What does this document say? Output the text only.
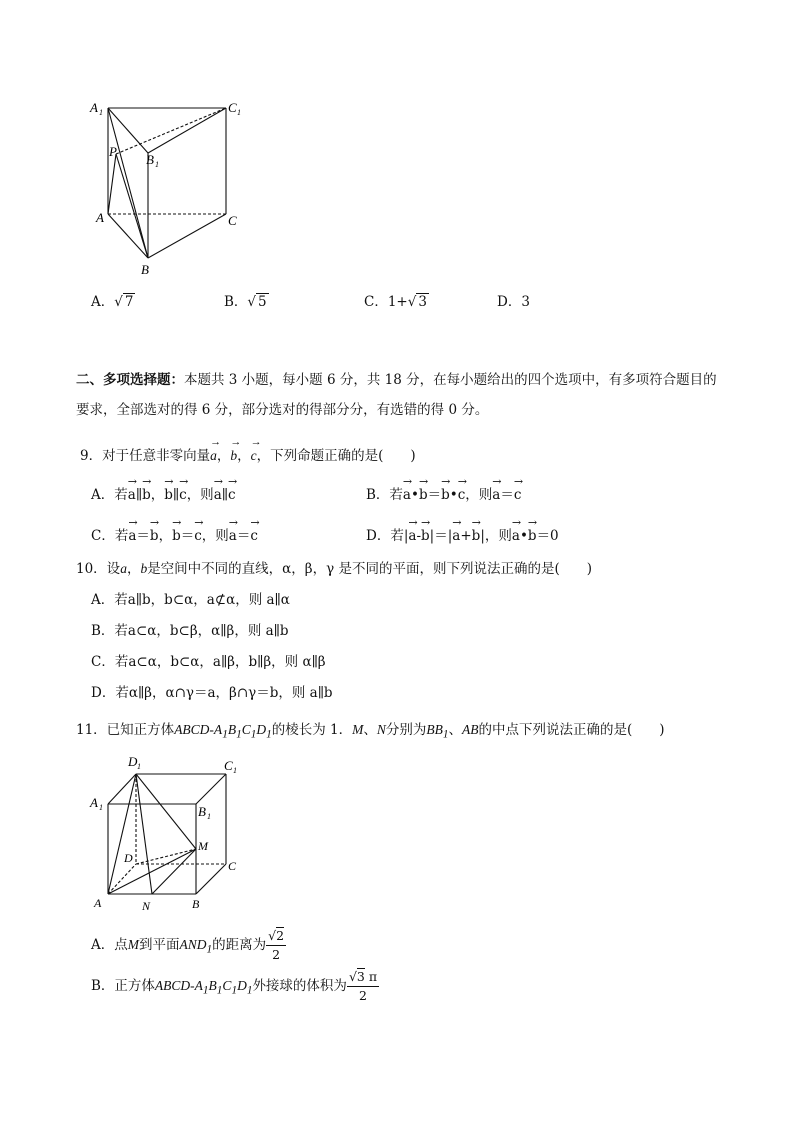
A 1	C 1
P
B 1
A	C
B
A．√ 7	B．√ 5	C．1+√ 3	D．3
二、多项选择题：本题共 3 小题，每小题 6 分，共 18 分，在每小题给出的四个选项中，有多项符合题目的
要求，全部选对的得 6 分，部分选对的得部分分，有选错的得 0 分。
9．对于任意非零向量→ a，→ b，→ c，下列命题正确的是(　　)
A．若→ a∥→ b，→ b∥→ c，则→ a∥→ c	B．若→ a•→ b＝→ b•→ c，则→ a＝→ c
C．若→ a＝→ b，→ b＝→ c，则→ a＝→ c	D．若|→ a-→ b|＝|→ a+→ b|，则→ a•→ b＝0
10．设a，b是空间中不同的直线，α，β，γ 是不同的平面，则下列说法正确的是(　　)
A．若a∥b，b⊂α，a⊄α，则 a∥α
B．若a⊂α，b⊂β，α∥β，则 a∥b
C．若a⊂α，b⊂α，a∥β，b∥β，则 α∥β
D．若α∥β，α∩γ＝a，β∩γ＝b，则 a∥b
11．已知正方体ABCD-$A_1B_1C_1D_1$的棱长为 1．M、N分别为$BB_1$、AB的中点下列说法正确的是(　　)
D 1	C 1
A 1	B 1
M
D
C
A	N	B
A．点M到平面$AND_1$的距离为 $\frac{√2}{2}$
B．正方体ABCD-$A_1B_1C_1D_1$外接球的体积为 $\frac{√3 \pi}{2}$
